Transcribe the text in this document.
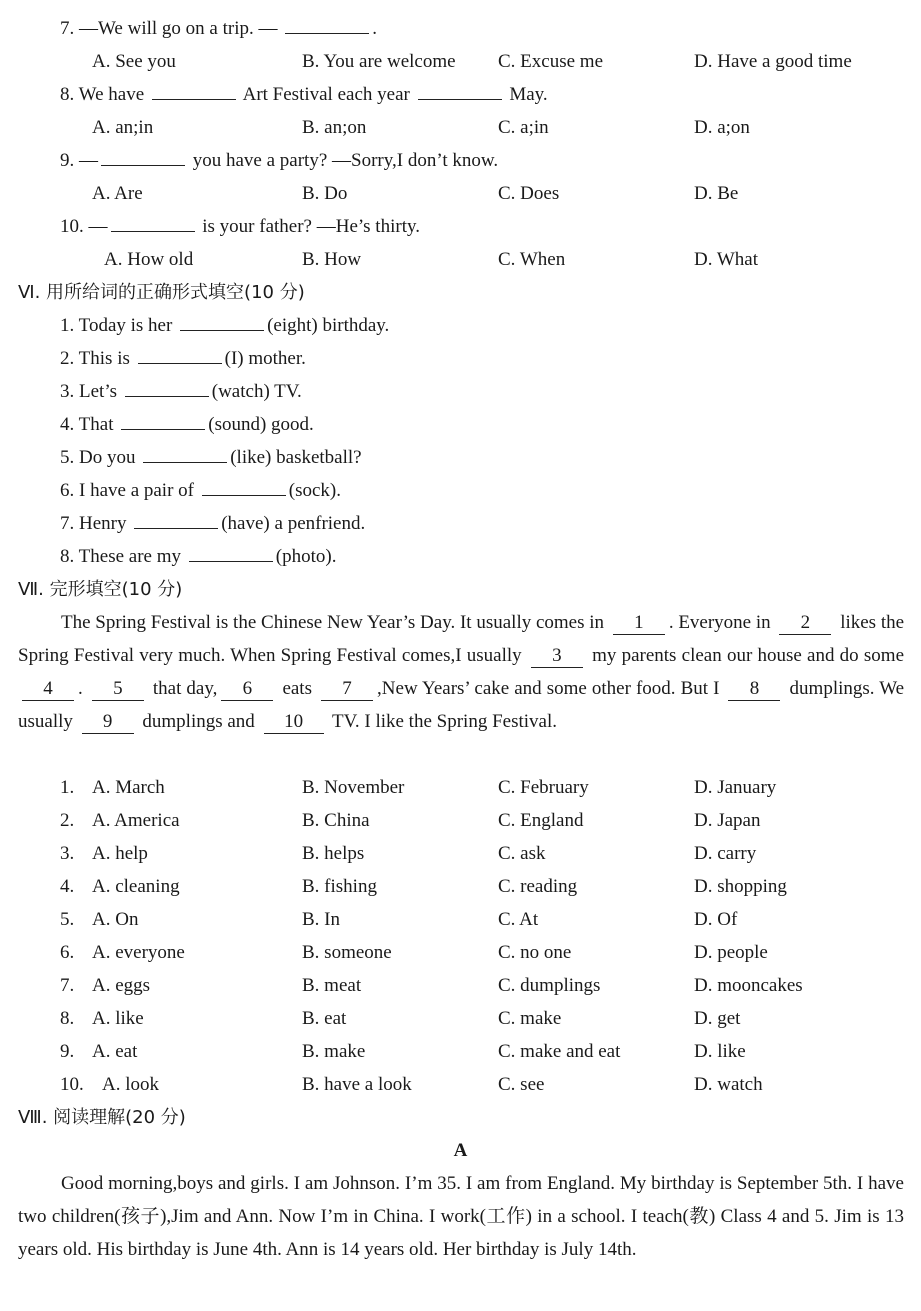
7. —We will go on a trip. —	.
A. See you	B. You are welcome C. Excuse me	D. Have a good time
8. We have	Art Festival each year	May.
A. an;in	B. an;on	C. a;in	D. a;on
9. —	you have a party? —Sorry,I don’t know.
A. Are	B. Do	C. Does	D. Be
10. —	is your father? —He’s thirty.
A. How old	B. How	C. When	D. What
Ⅵ. 用所给词的正确形式填空(10 分)
1. Today is her	(eight) birthday.
2. This is	(I) mother.
3. Let’s	(watch) TV.
4. That	(sound) good.
5. Do you	(like) basketball?
6. I have a pair of	(sock).
7. Henry	(have) a penfriend.
8. These are my	(photo).
Ⅶ. 完形填空(10 分)
The Spring Festival is the Chinese New Year’s Day. It usually comes in 1 . Everyone in 2 likes the Spring Festival very much. When Spring Festival comes,I usually 3 my parents clean our house and do some 4 . 5 that day, 6 eats 7 ,New Years’ cake and some other food. But I 8 dumplings. We usually 9 dumplings and 10 TV. I like the Spring Festival.
1. A. March	B. November	C. February	D. January
2. A. America	B. China	C. England	D. Japan
3. A. help	B. helps	C. ask	D. carry
4. A. cleaning	B. fishing	C. reading	D. shopping
5. A. On	B. In	C. At	D. Of
6. A. everyone	B. someone	C. no one	D. people
7. A. eggs	B. meat	C. dumplings	D. mooncakes
8. A. like	B. eat	C. make	D. get
9. A. eat	B. make	C. make and eat	D. like
10. A. look	B. have a look	C. see	D. watch
Ⅷ. 阅读理解(20 分)
A
Good morning,boys and girls. I am Johnson. I’m 35. I am from England. My birthday is September 5th. I have two children(孩子),Jim and Ann. Now I’m in China. I work(工作) in a school. I teach(教) Class 4 and 5. Jim is 13 years old. His birthday is June 4th. Ann is 14 years old. Her birthday is July 14th.
